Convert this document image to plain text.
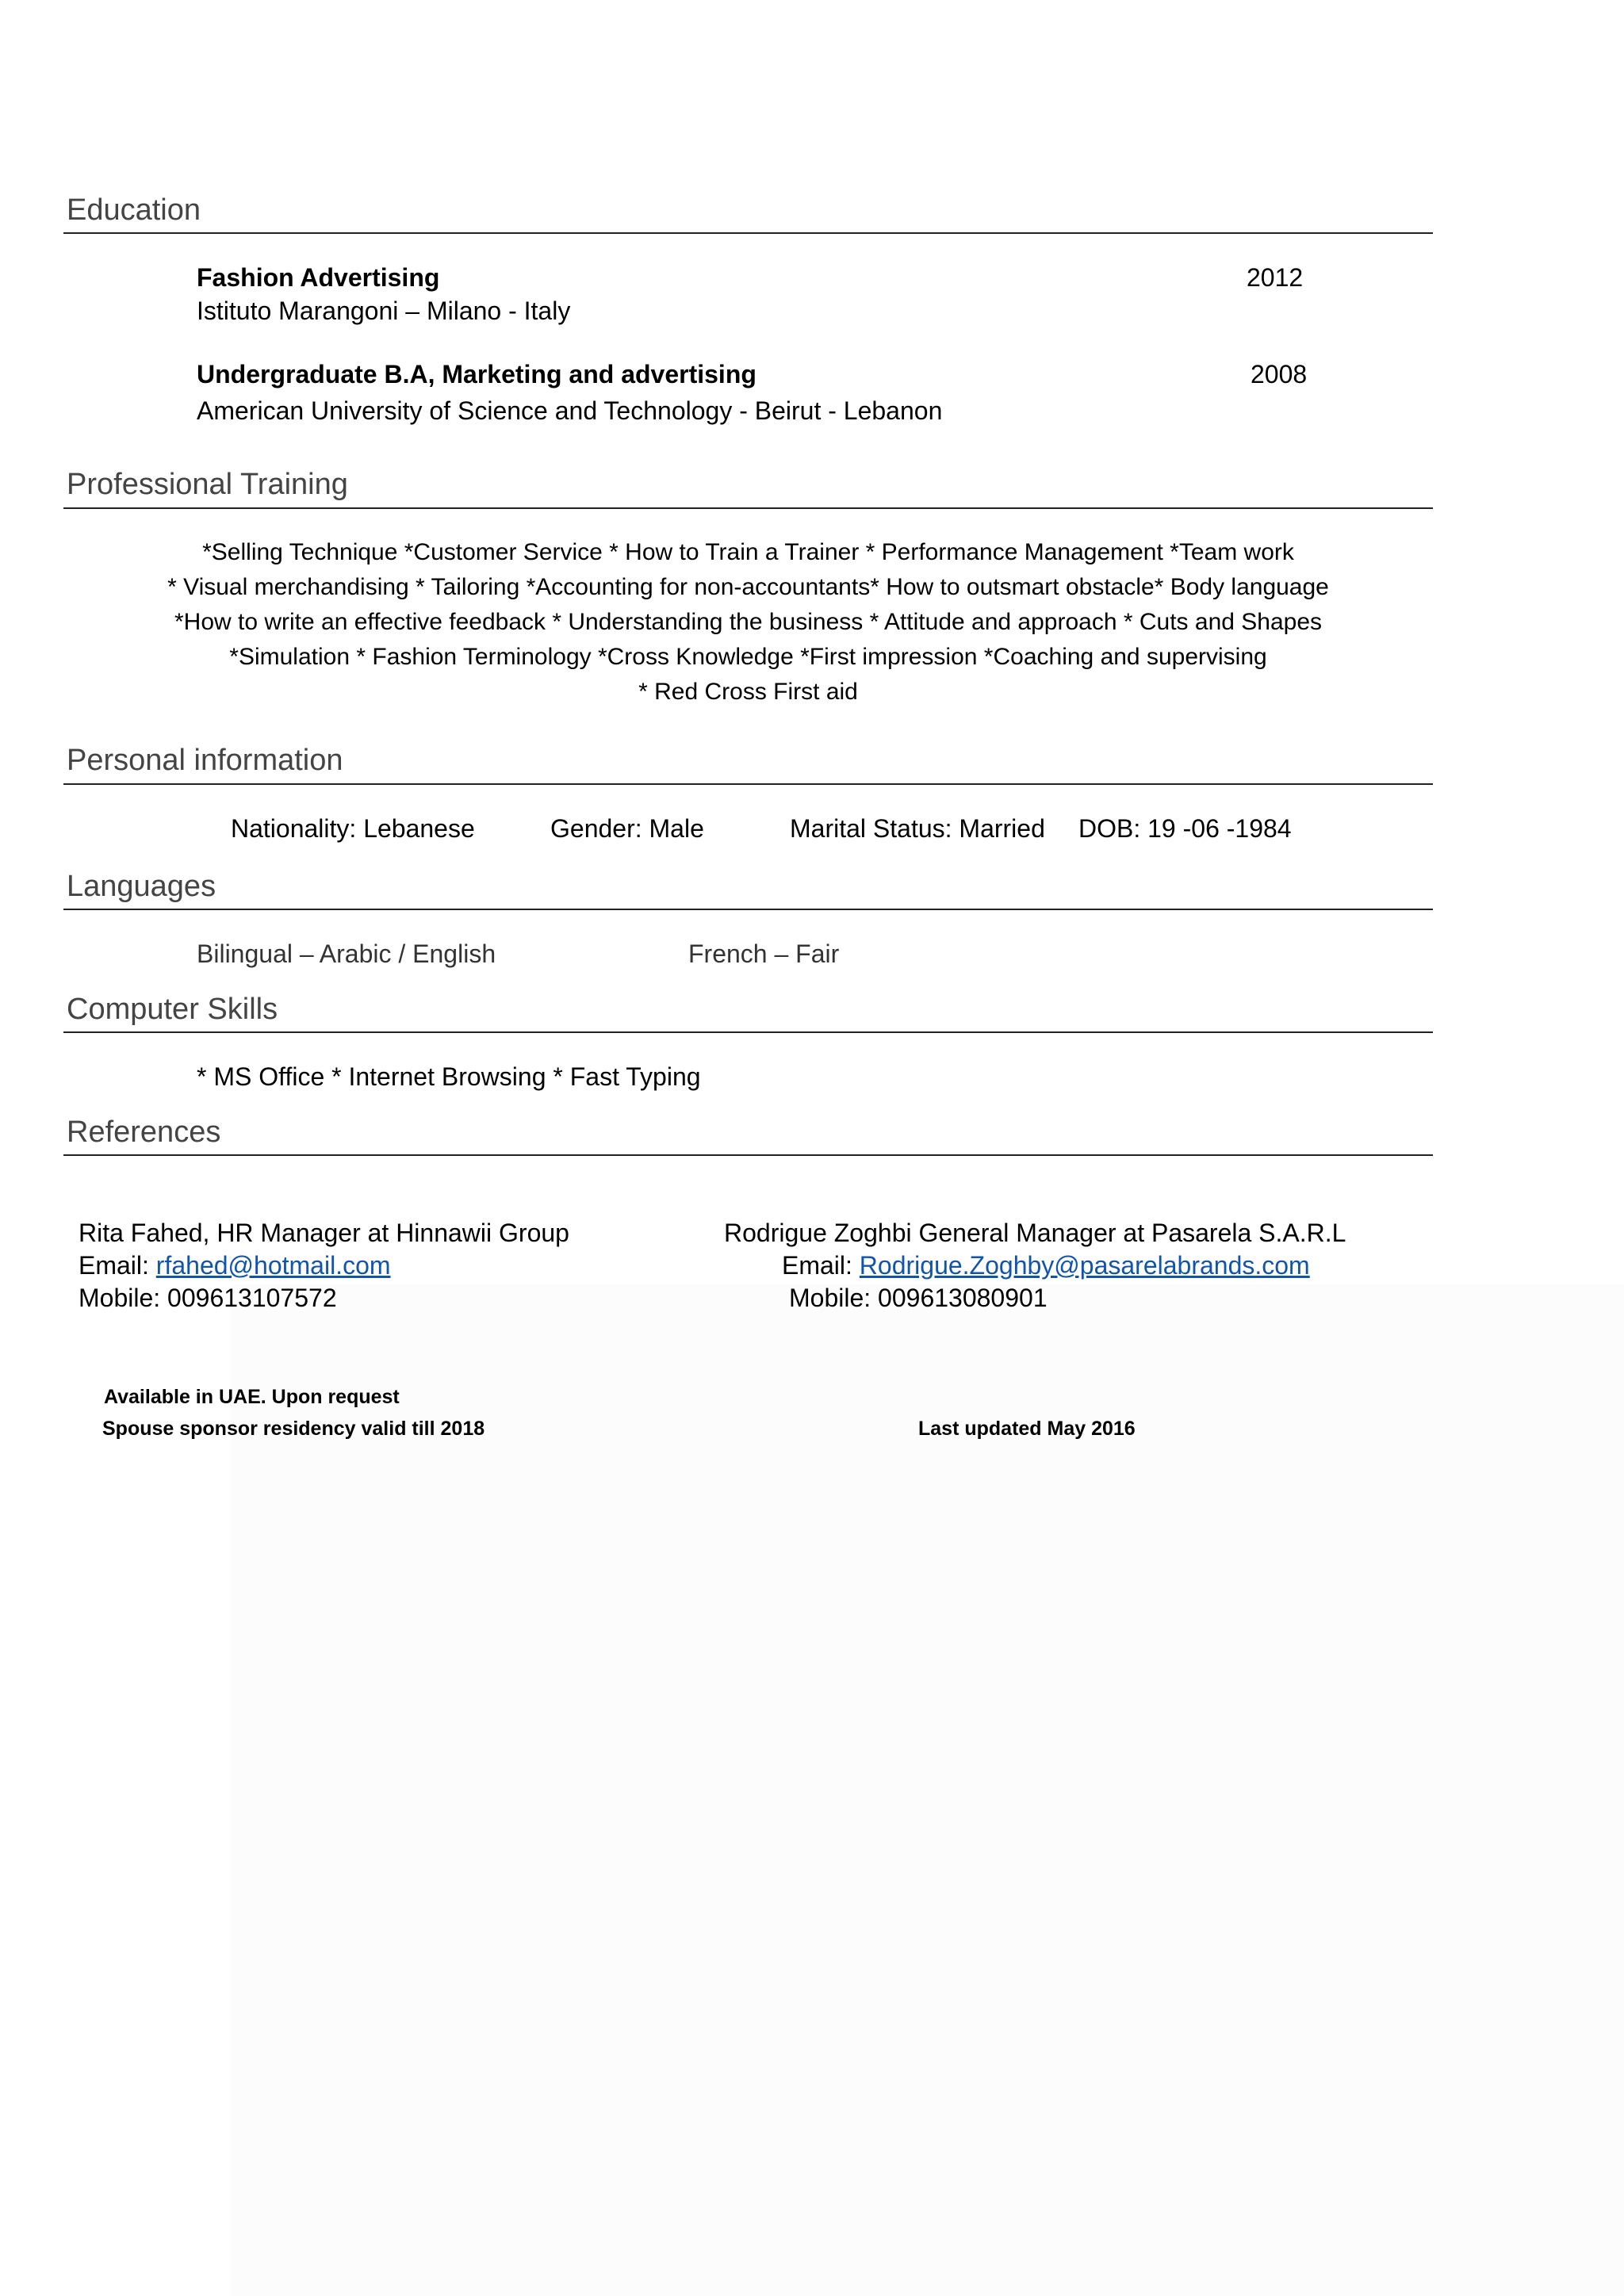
Education
Fashion Advertising	2012
Istituto Marangoni – Milano - Italy
Undergraduate B.A, Marketing and advertising	2008
American University of Science and Technology - Beirut - Lebanon
Professional Training
*Selling Technique *Customer Service * How to Train a Trainer * Performance Management *Team work
* Visual merchandising * Tailoring *Accounting for non-accountants* How to outsmart obstacle* Body language
*How to write an effective feedback * Understanding the business * Attitude and approach * Cuts and Shapes
*Simulation * Fashion Terminology *Cross Knowledge *First impression *Coaching and supervising
* Red Cross First aid
Personal information
Nationality: Lebanese	Gender: Male	Marital Status: Married DOB: 19 -06 -1984
Languages
Bilingual – Arabic / English	French – Fair
Computer Skills
* MS Office * Internet Browsing * Fast Typing
References
Rita Fahed, HR Manager at Hinnawii Group
Email: rfahed@hotmail.com
Mobile: 009613107572
Rodrigue Zoghbi General Manager at Pasarela S.A.R.L
Email: Rodrigue.Zoghby@pasarelabrands.com
Mobile: 009613080901
Available in UAE. Upon request
Spouse sponsor residency valid till 2018	Last updated May 2016
